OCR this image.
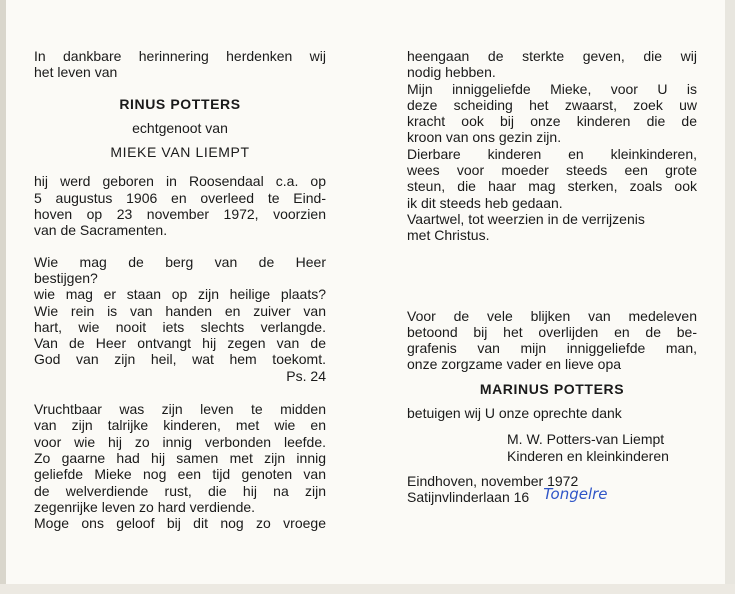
In dankbare herinnering herdenken wij
het leven van
RINUS POTTERS
echtgenoot van
MIEKE VAN LIEMPT
hij werd geboren in Roosendaal c.a. op
5 augustus 1906 en overleed te Eind-
hoven op 23 november 1972, voorzien
van de Sacramenten.
Wie mag de berg van de Heer
bestijgen?
wie mag er staan op zijn heilige plaats?
Wie rein is van handen en zuiver van
hart, wie nooit iets slechts verlangde.
Van de Heer ontvangt hij zegen van de
God van zijn heil, wat hem toekomt.
Ps. 24
Vruchtbaar was zijn leven te midden
van zijn talrijke kinderen, met wie en
voor wie hij zo innig verbonden leefde.
Zo gaarne had hij samen met zijn innig
geliefde Mieke nog een tijd genoten van
de welverdiende rust, die hij na zijn
zegenrijke leven zo hard verdiende.
Moge ons geloof bij dit nog zo vroege
heengaan de sterkte geven, die wij
nodig hebben.
Mijn inniggeliefde Mieke, voor U is
deze scheiding het zwaarst, zoek uw
kracht ook bij onze kinderen die de
kroon van ons gezin zijn.
Dierbare kinderen en kleinkinderen,
wees voor moeder steeds een grote
steun, die haar mag sterken, zoals ook
ik dit steeds heb gedaan.
Vaartwel, tot weerzien in de verrijzenis
met Christus.
Voor de vele blijken van medeleven
betoond bij het overlijden en de be-
grafenis van mijn inniggeliefde man,
onze zorgzame vader en lieve opa
MARINUS POTTERS
betuigen wij U onze oprechte dank
M. W. Potters-van Liempt
Kinderen en kleinkinderen
Eindhoven, november 1972
Satijnvlinderlaan 16 Tongelre
